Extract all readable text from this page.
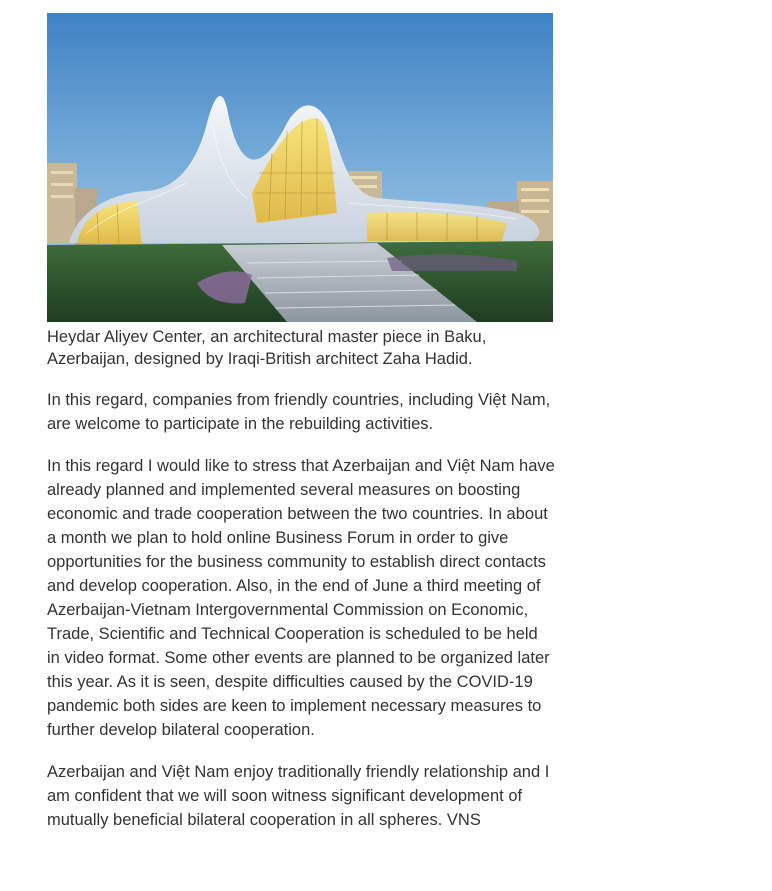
Heydar Aliyev Center, an architectural master piece in Baku, Azerbaijan, designed by Iraqi-British architect Zaha Hadid.

In this regard, companies from friendly countries, including Việt Nam, are welcome to participate in the rebuilding activities.

In this regard I would like to stress that Azerbaijan and Việt Nam have already planned and implemented several measures on boosting economic and trade cooperation between the two countries. In about a month we plan to hold online Business Forum in order to give opportunities for the business community to establish direct contacts and develop cooperation. Also, in the end of June a third meeting of Azerbaijan-Vietnam Intergovernmental Commission on Economic, Trade, Scientific and Technical Cooperation is scheduled to be held in video format. Some other events are planned to be organized later this year. As it is seen, despite difficulties caused by the COVID-19 pandemic both sides are keen to implement necessary measures to further develop bilateral cooperation.

Azerbaijan and Việt Nam enjoy traditionally friendly relationship and I am confident that we will soon witness significant development of mutually beneficial bilateral cooperation in all spheres. VNS
